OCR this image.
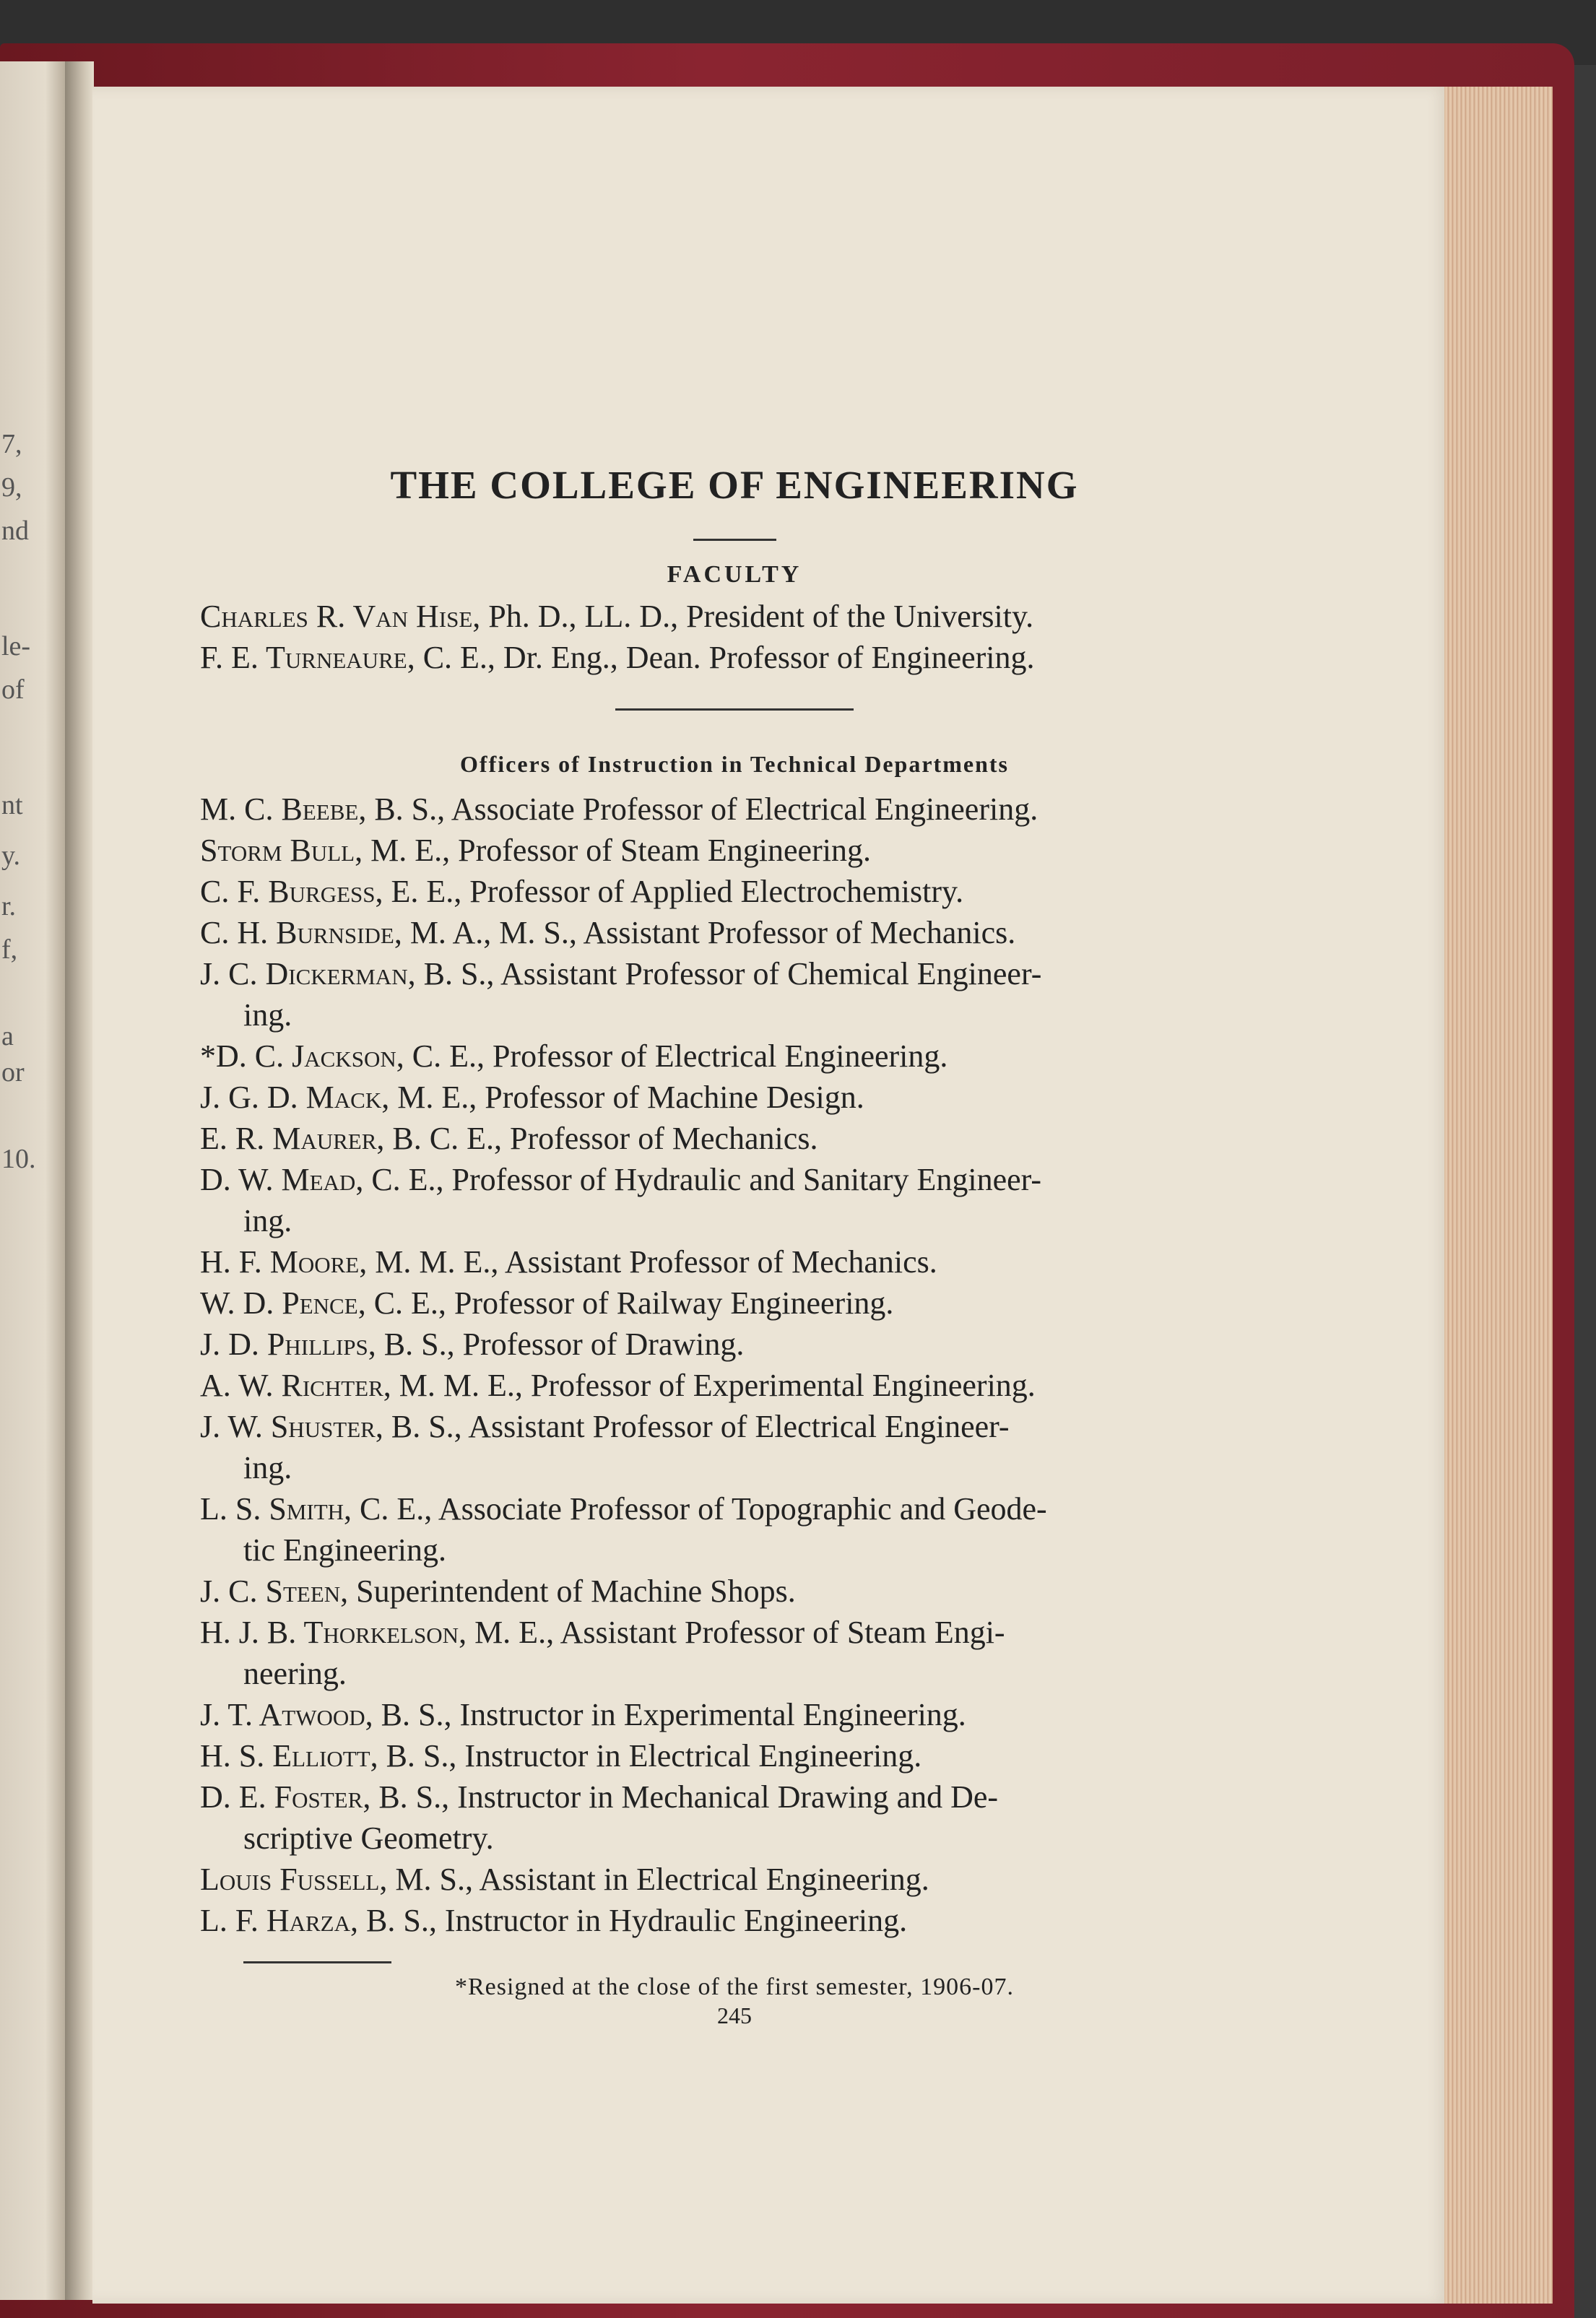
7,
9,
nd
le-
of
nt
y.
r.
f,
a
or
10.
THE COLLEGE OF ENGINEERING
FACULTY
Charles R. Van Hise, Ph. D., LL. D., President of the University.
F. E. Turneaure, C. E., Dr. Eng., Dean. Professor of Engineering.
Officers of Instruction in Technical Departments
M. C. Beebe, B. S., Associate Professor of Electrical Engineering.
Storm Bull, M. E., Professor of Steam Engineering.
C. F. Burgess, E. E., Professor of Applied Electrochemistry.
C. H. Burnside, M. A., M. S., Assistant Professor of Mechanics.
J. C. Dickerman, B. S., Assistant Professor of Chemical Engineer-
ing.
*D. C. Jackson, C. E., Professor of Electrical Engineering.
J. G. D. Mack, M. E., Professor of Machine Design.
E. R. Maurer, B. C. E., Professor of Mechanics.
D. W. Mead, C. E., Professor of Hydraulic and Sanitary Engineer-
ing.
H. F. Moore, M. M. E., Assistant Professor of Mechanics.
W. D. Pence, C. E., Professor of Railway Engineering.
J. D. Phillips, B. S., Professor of Drawing.
A. W. Richter, M. M. E., Professor of Experimental Engineering.
J. W. Shuster, B. S., Assistant Professor of Electrical Engineer-
ing.
L. S. Smith, C. E., Associate Professor of Topographic and Geode-
tic Engineering.
J. C. Steen, Superintendent of Machine Shops.
H. J. B. Thorkelson, M. E., Assistant Professor of Steam Engi-
neering.
J. T. Atwood, B. S., Instructor in Experimental Engineering.
H. S. Elliott, B. S., Instructor in Electrical Engineering.
D. E. Foster, B. S., Instructor in Mechanical Drawing and De-
scriptive Geometry.
Louis Fussell, M. S., Assistant in Electrical Engineering.
L. F. Harza, B. S., Instructor in Hydraulic Engineering.
*Resigned at the close of the first semester, 1906-07.
245
